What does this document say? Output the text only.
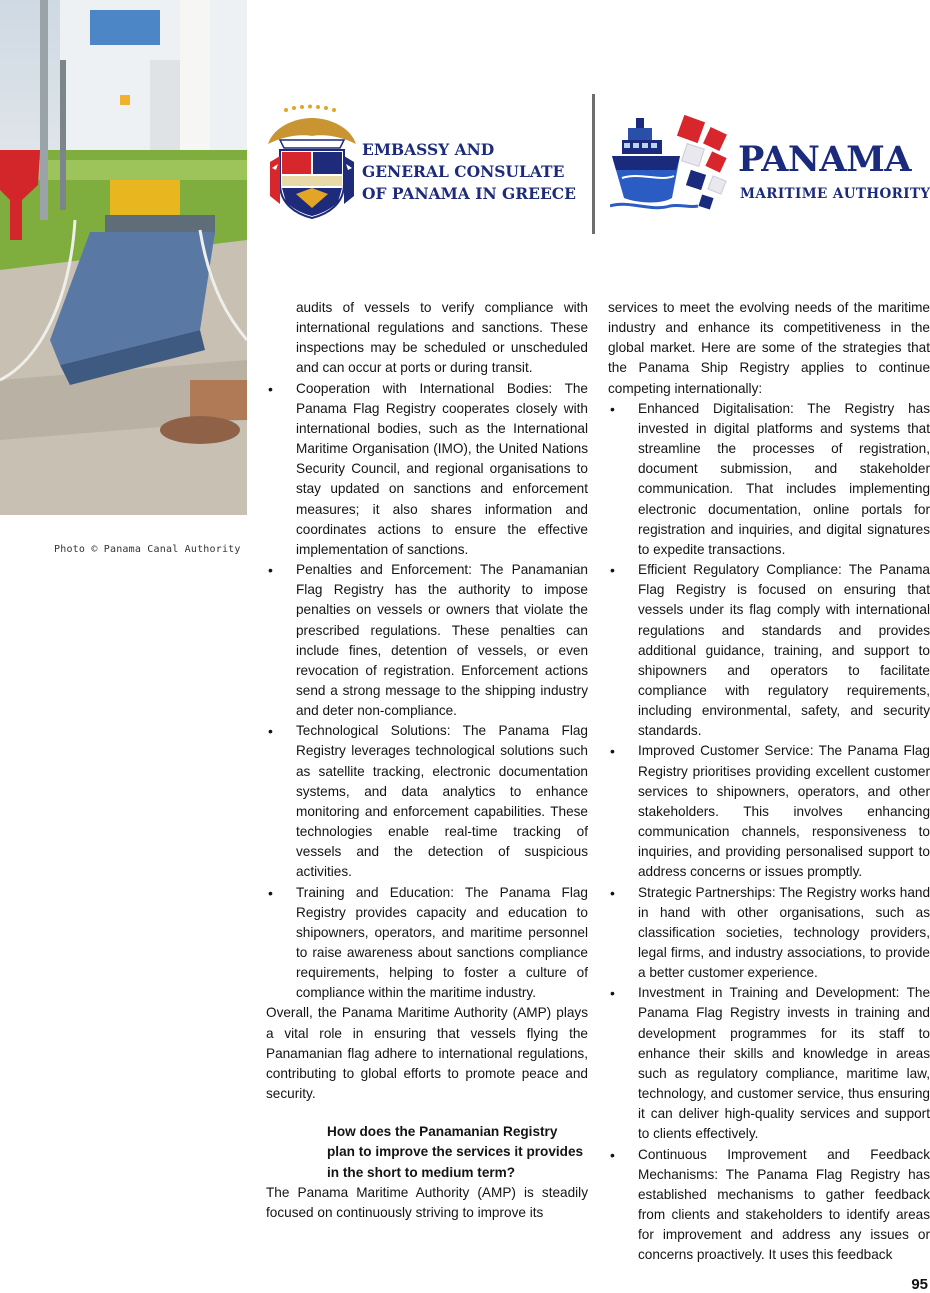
Photo © Panama Canal Authority
EMBASSY AND
GENERAL CONSULATE
OF PANAMA IN GREECE
PANAMA
MARITIME AUTHORITY

audits of vessels to verify compliance with international regulations and sanctions. These inspections may be scheduled or unscheduled and can occur at ports or during transit.

• Cooperation with International Bodies: The Panama Flag Registry cooperates closely with international bodies, such as the International Maritime Organisation (IMO), the United Nations Security Council, and regional organisations to stay updated on sanctions and enforcement measures; it also shares information and coordinates actions to ensure the effective implementation of sanctions.
• Penalties and Enforcement: The Panamanian Flag Registry has the authority to impose penalties on vessels or owners that violate the prescribed regulations. These penalties can include fines, detention of vessels, or even revocation of registration. Enforcement actions send a strong message to the shipping industry and deter non-compliance.
• Technological Solutions: The Panama Flag Registry leverages technological solutions such as satellite tracking, electronic documentation systems, and data analytics to enhance monitoring and enforcement capabilities. These technologies enable real-time tracking of vessels and the detection of suspicious activities.
• Training and Education: The Panama Flag Registry provides capacity and education to shipowners, operators, and maritime personnel to raise awareness about sanctions compliance requirements, helping to foster a culture of compliance within the maritime industry.

Overall, the Panama Maritime Authority (AMP) plays a vital role in ensuring that vessels flying the Panamanian flag adhere to international regulations, contributing to global efforts to promote peace and security.

How does the Panamanian Registry plan to improve the services it provides in the short to medium term?

The Panama Maritime Authority (AMP) is steadily focused on continuously striving to improve its

services to meet the evolving needs of the maritime industry and enhance its competitiveness in the global market. Here are some of the strategies that the Panama Ship Registry applies to continue competing internationally:

• Enhanced Digitalisation: The Registry has invested in digital platforms and systems that streamline the processes of registration, document submission, and stakeholder communication. That includes implementing electronic documentation, online portals for registration and inquiries, and digital signatures to expedite transactions.
• Efficient Regulatory Compliance: The Panama Flag Registry is focused on ensuring that vessels under its flag comply with international regulations and standards and provides additional guidance, training, and support to shipowners and operators to facilitate compliance with regulatory requirements, including environmental, safety, and security standards.
• Improved Customer Service: The Panama Flag Registry prioritises providing excellent customer services to shipowners, operators, and other stakeholders. This involves enhancing communication channels, responsiveness to inquiries, and providing personalised support to address concerns or issues promptly.
• Strategic Partnerships: The Registry works hand in hand with other organisations, such as classification societies, technology providers, legal firms, and industry associations, to provide a better customer experience.
• Investment in Training and Development: The Panama Flag Registry invests in training and development programmes for its staff to enhance their skills and knowledge in areas such as regulatory compliance, maritime law, technology, and customer service, thus ensuring it can deliver high-quality services and support to clients effectively.
• Continuous Improvement and Feedback Mechanisms: The Panama Flag Registry has established mechanisms to gather feedback from clients and stakeholders to identify areas for improvement and address any issues or concerns proactively. It uses this feedback
95
